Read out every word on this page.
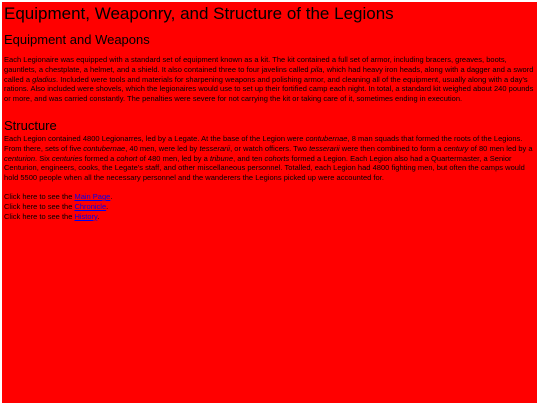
Equipment, Weaponry, and Structure of the Legions
Equipment and Weapons

Each Legionaire was equipped with a standard set of equipment known as a kit. The kit contained a full set of armor, including bracers, greaves, boots, gauntlets, a chestplate, a helmet, and a shield. It also contained three to four javelins called pila, which had heavy iron heads, along with a dagger and a sword called a gladius. Included were tools and materials for sharpening weapons and polishing armor, and cleaning all of the equipment, usually along with a day's rations. Also included were shovels, which the legionaires would use to set up their fortified camp each night. In total, a standard kit weighed about 240 pounds or more, and was carried constantly. The penalties were severe for not carrying the kit or taking care of it, sometimes ending in execution.

Structure

Each Legion contained 4800 Legionarres, led by a Legate. At the base of the Legion were contubernae, 8 man squads that formed the roots of the Legions. From there, sets of five contubernae, 40 men, were led by tesserarii, or watch officers. Two tesserarii were then combined to form a century of 80 men led by a centurion. Six centuries formed a cohort of 480 men, led by a tribune, and ten cohorts formed a Legion. Each Legion also had a Quartermaster, a Senior Centurion, engineers, cooks, the Legate's staff, and other miscellaneous personnel. Totalled, each Legion had 4800 fighting men, but often the camps would hold 5500 people when all the necessary personnel and the wanderers the Legions picked up were accounted for.

Click here to see the Main Page.
Click here to see the Chronicle.
Click here to see the History.
